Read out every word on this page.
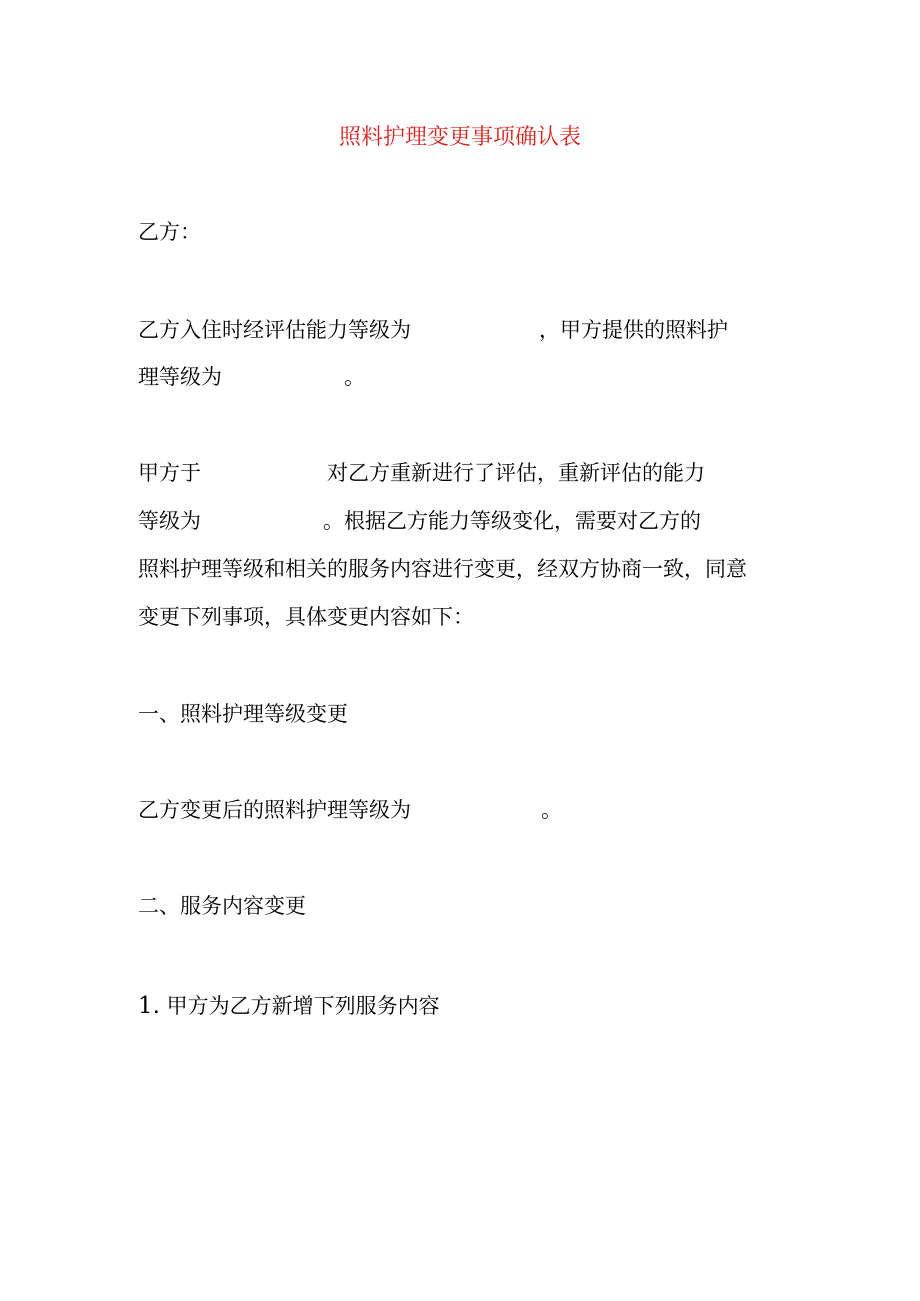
照料护理变更事项确认表
乙方：
乙方入住时经评估能力等级为	，甲方提供的照料护
理等级为	。
甲方于	对乙方重新进行了评估，重新评估的能力
等级为	。根据乙方能力等级变化，需要对乙方的
照料护理等级和相关的服务内容进行变更，经双方协商一致，同意
变更下列事项，具体变更内容如下：
一、照料护理等级变更
乙方变更后的照料护理等级为	。
二、服务内容变更
1. 甲方为乙方新增下列服务内容
